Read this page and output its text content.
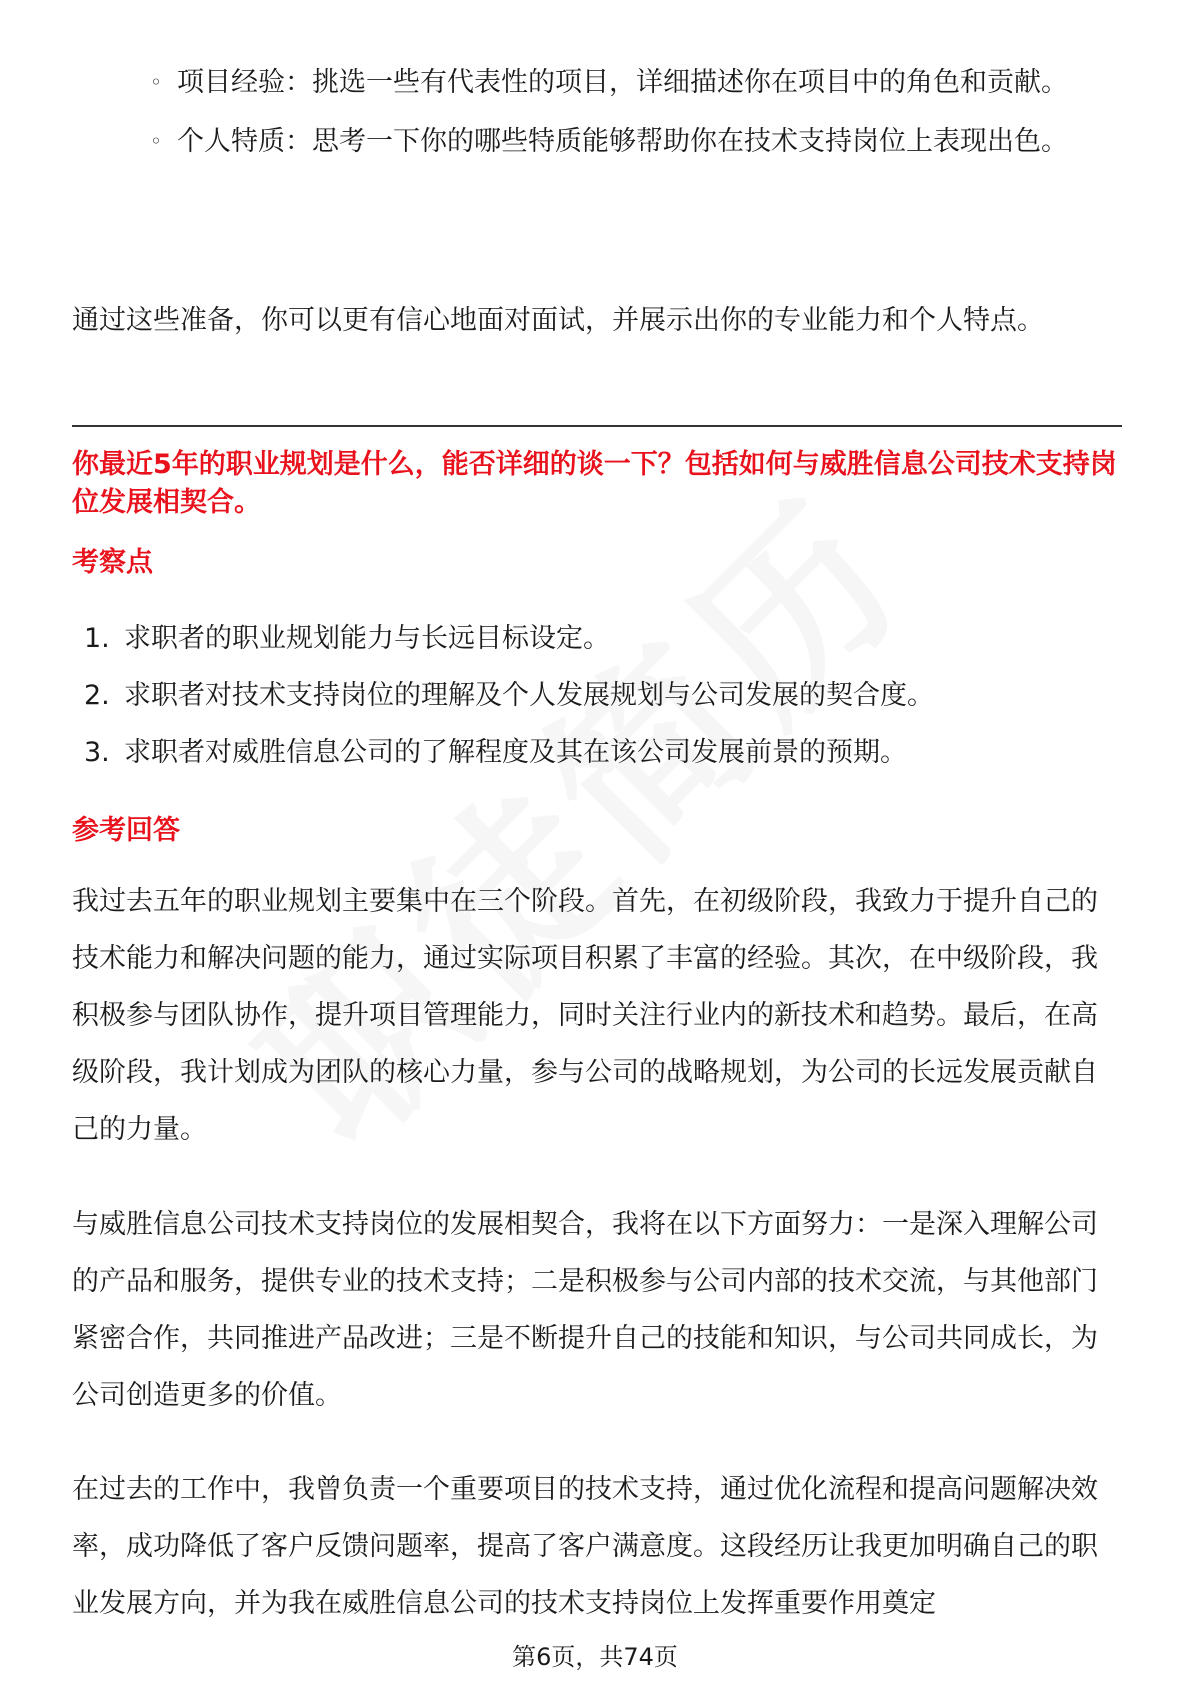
◦ 项目经验：挑选一些有代表性的项目，详细描述你在项目中的角色和贡献。
◦ 个人特质：思考一下你的哪些特质能够帮助你在技术支持岗位上表现出色。
通过这些准备，你可以更有信心地面对面试，并展示出你的专业能力和个人特点。
你最近5年的职业规划是什么，能否详细的谈一下？包括如何与威胜信息公司技术支持岗位发展相契合。
考察点
1. 求职者的职业规划能力与长远目标设定。
2. 求职者对技术支持岗位的理解及个人发展规划与公司发展的契合度。
3. 求职者对威胜信息公司的了解程度及其在该公司发展前景的预期。
参考回答
我过去五年的职业规划主要集中在三个阶段。首先，在初级阶段，我致力于提升自己的技术能力和解决问题的能力，通过实际项目积累了丰富的经验。其次，在中级阶段，我积极参与团队协作，提升项目管理能力，同时关注行业内的新技术和趋势。最后，在高级阶段，我计划成为团队的核心力量，参与公司的战略规划，为公司的长远发展贡献自己的力量。
与威胜信息公司技术支持岗位的发展相契合，我将在以下方面努力：一是深入理解公司的产品和服务，提供专业的技术支持；二是积极参与公司内部的技术交流，与其他部门紧密合作，共同推进产品改进；三是不断提升自己的技能和知识，与公司共同成长，为公司创造更多的价值。
在过去的工作中，我曾负责一个重要项目的技术支持，通过优化流程和提高问题解决效率，成功降低了客户反馈问题率，提高了客户满意度。这段经历让我更加明确自己的职业发展方向，并为我在威胜信息公司的技术支持岗位上发挥重要作用奠定
第6页，共74页
